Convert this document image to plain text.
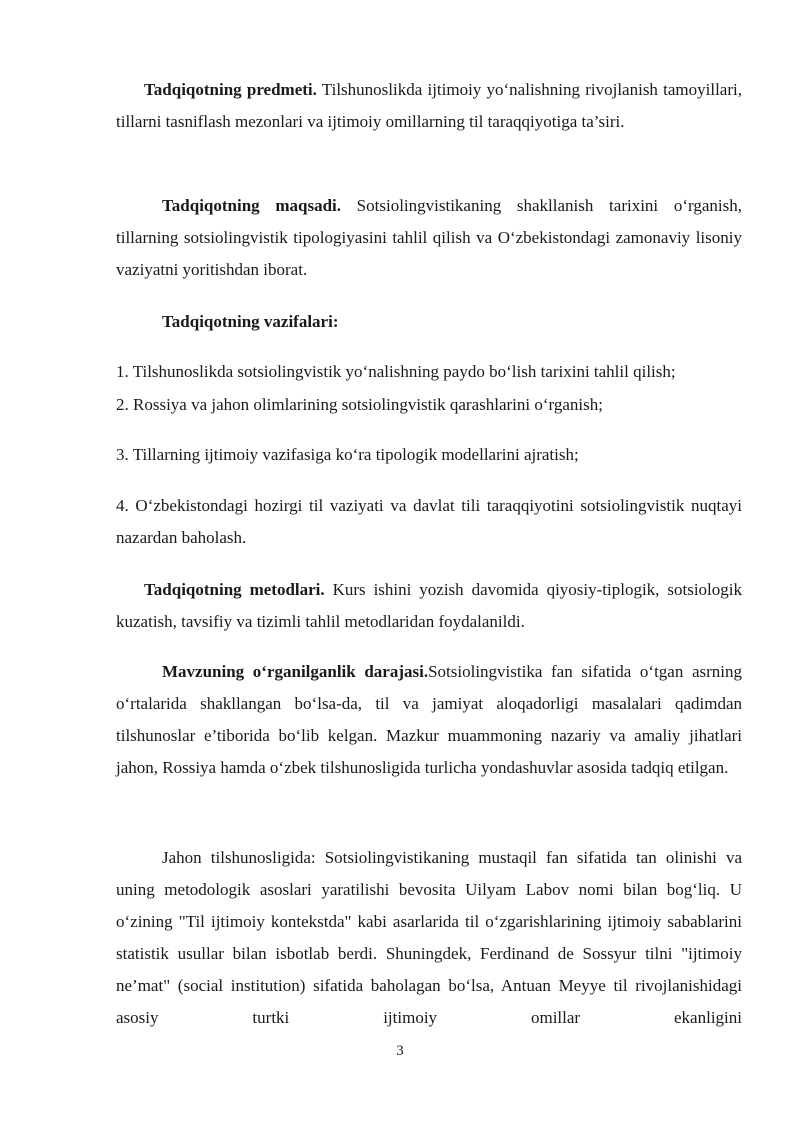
Tadqiqotning predmeti. Tilshunoslikda ijtimoiy yo‘nalishning rivojlanish tamoyillari, tillarni tasniflash mezonlari va ijtimoiy omillarning til taraqqiyotiga ta’siri.

Tadqiqotning maqsadi. Sotsiolingvistikaning shakllanish tarixini o‘rganish, tillarning sotsiolingvistik tipologiyasini tahlil qilish va O‘zbekistondagi zamonaviy lisoniy vaziyatni yoritishdan iborat.

Tadqiqotning vazifalari:

1. Tilshunoslikda sotsiolingvistik yo‘nalishning paydo bo‘lish tarixini tahlil qilish;

2. Rossiya va jahon olimlarining sotsiolingvistik qarashlarini o‘rganish;

3. Tillarning ijtimoiy vazifasiga ko‘ra tipologik modellarini ajratish;

4. O‘zbekistondagi hozirgi til vaziyati va davlat tili taraqqiyotini sotsiolingvistik nuqtayi nazardan baholash.

Tadqiqotning metodlari. Kurs ishini yozish davomida qiyosiy-tiplogik, sotsiologik kuzatish, tavsifiy va tizimli tahlil metodlaridan foydalanildi.

Mavzuning o‘rganilganlik darajasi.Sotsiolingvistika fan sifatida o‘tgan asrning o‘rtalarida shakllangan bo‘lsa-da, til va jamiyat aloqadorligi masalalari qadimdan tilshunoslar e’tiborida bo‘lib kelgan. Mazkur muammoning nazariy va amaliy jihatlari jahon, Rossiya hamda o‘zbek tilshunosligida turlicha yondashuvlar asosida tadqiq etilgan.

Jahon tilshunosligida: Sotsiolingvistikaning mustaqil fan sifatida tan olinishi va uning metodologik asoslari yaratilishi bevosita Uilyam Labov nomi bilan bog‘liq. U o‘zining "Til ijtimoiy kontekstda" kabi asarlarida til o‘zgarishlarining ijtimoiy sabablarini statistik usullar bilan isbotlab berdi. Shuningdek, Ferdinand de Sossyur tilni "ijtimoiy ne’mat" (social institution) sifatida baholagan bo‘lsa, Antuan Meyye til rivojlanishidagi asosiy turtki ijtimoiy omillar ekanligini

3
